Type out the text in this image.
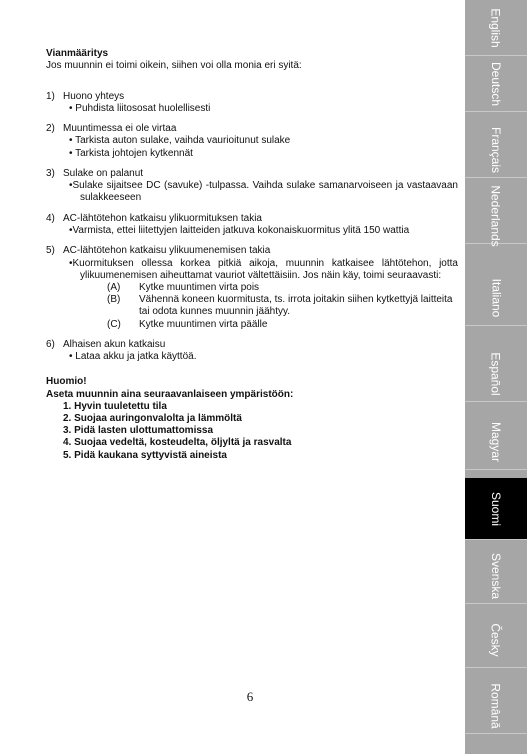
Vianmääritys
Jos muunnin ei toimi oikein, siihen voi olla monia eri syitä:
1) Huono yhteys
• Puhdista liitososat huolellisesti
2) Muuntimessa ei ole virtaa
• Tarkista auton sulake, vaihda vaurioitunut sulake
• Tarkista johtojen kytkennät
3) Sulake on palanut
•Sulake sijaitsee DC (savuke) -tulpassa. Vaihda sulake samanarvoiseen ja vastaavaan sulakkeeseen
4) AC-lähtötehon katkaisu ylikuormituksen takia
•Varmista, ettei liitettyjen laitteiden jatkuva kokonaiskuormitus ylitä 150 wattia
5) AC-lähtötehon katkaisu ylikuumenemisen takia
•Kuormituksen ollessa korkea pitkiä aikoja, muunnin katkaisee lähtötehon, jotta ylikuumenemisen aiheuttamat vauriot vältettäisiin. Jos näin käy, toimi seuraavasti:
(A) Kytke muuntimen virta pois
(B) Vähennä koneen kuormitusta, ts. irrota joitakin siihen kytkettyjä laitteita tai odota kunnes muunnin jäähtyy.
(C) Kytke muuntimen virta päälle
6) Alhaisen akun katkaisu
• Lataa akku ja jatka käyttöä.
Huomio!
Aseta muunnin aina seuraavanlaiseen ympäristöön:
1. Hyvin tuuletettu tila
2. Suojaa auringonvalolta ja lämmöltä
3. Pidä lasten ulottumattomissa
4. Suojaa vedeltä, kosteudelta, öljyltä ja rasvalta
5. Pidä kaukana syttyvistä aineista
6
English
Deutsch
Français
Nederlands
Italiano
Español
Magyar
Suomi
Svenska
Česky
Română
